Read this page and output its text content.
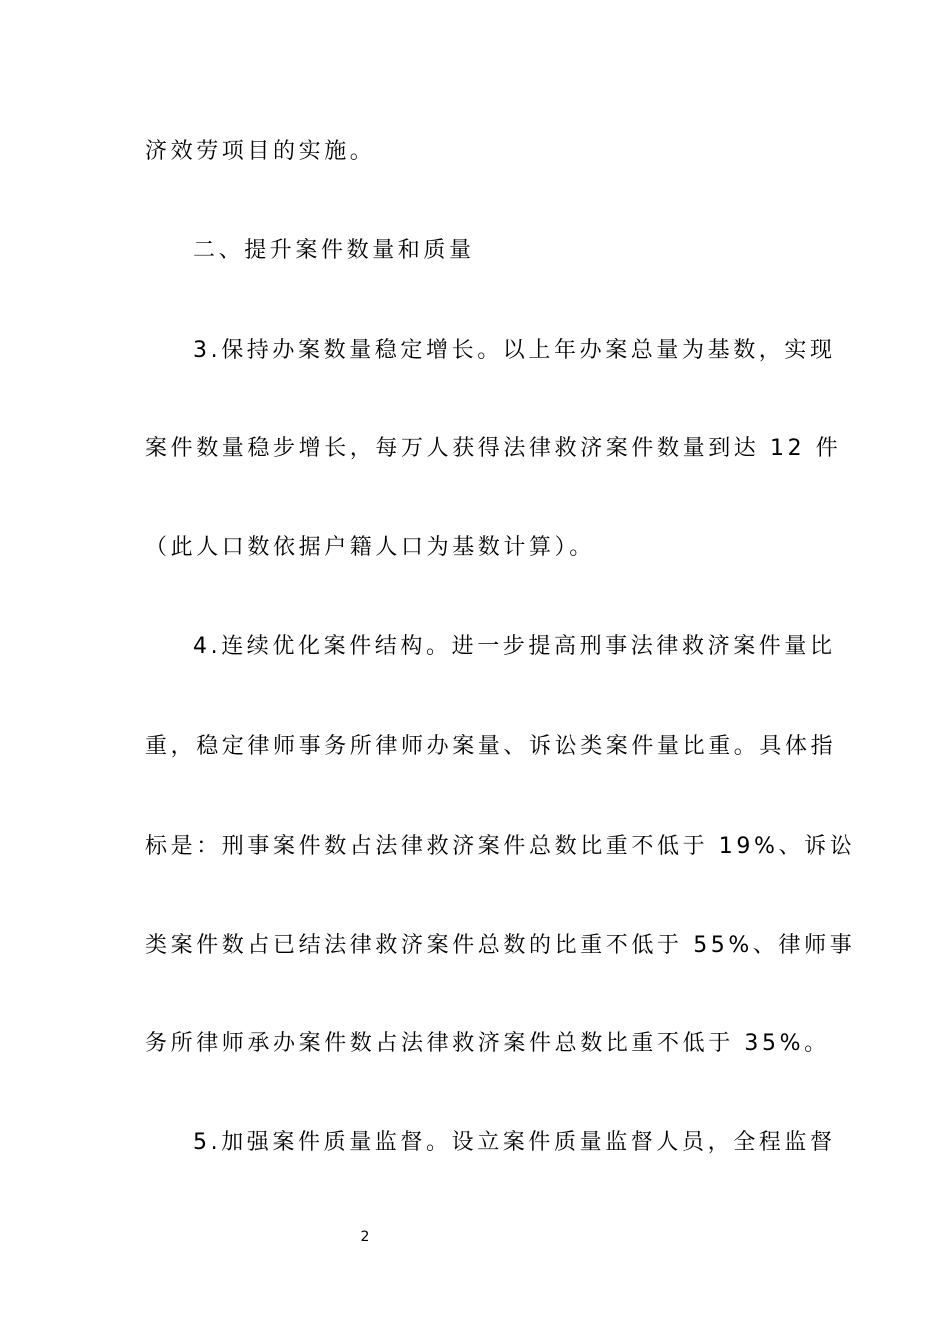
济效劳项目的实施。
二、提升案件数量和质量
3.保持办案数量稳定增长。以上年办案总量为基数，实现
案件数量稳步增长，每万人获得法律救济案件数量到达 12 件
（此人口数依据户籍人口为基数计算）。
4.连续优化案件结构。进一步提高刑事法律救济案件量比
重，稳定律师事务所律师办案量、诉讼类案件量比重。具体指
标是：刑事案件数占法律救济案件总数比重不低于 19%、诉讼
类案件数占已结法律救济案件总数的比重不低于 55%、律师事
务所律师承办案件数占法律救济案件总数比重不低于 35%。
5.加强案件质量监督。设立案件质量监督人员，全程监督
2
